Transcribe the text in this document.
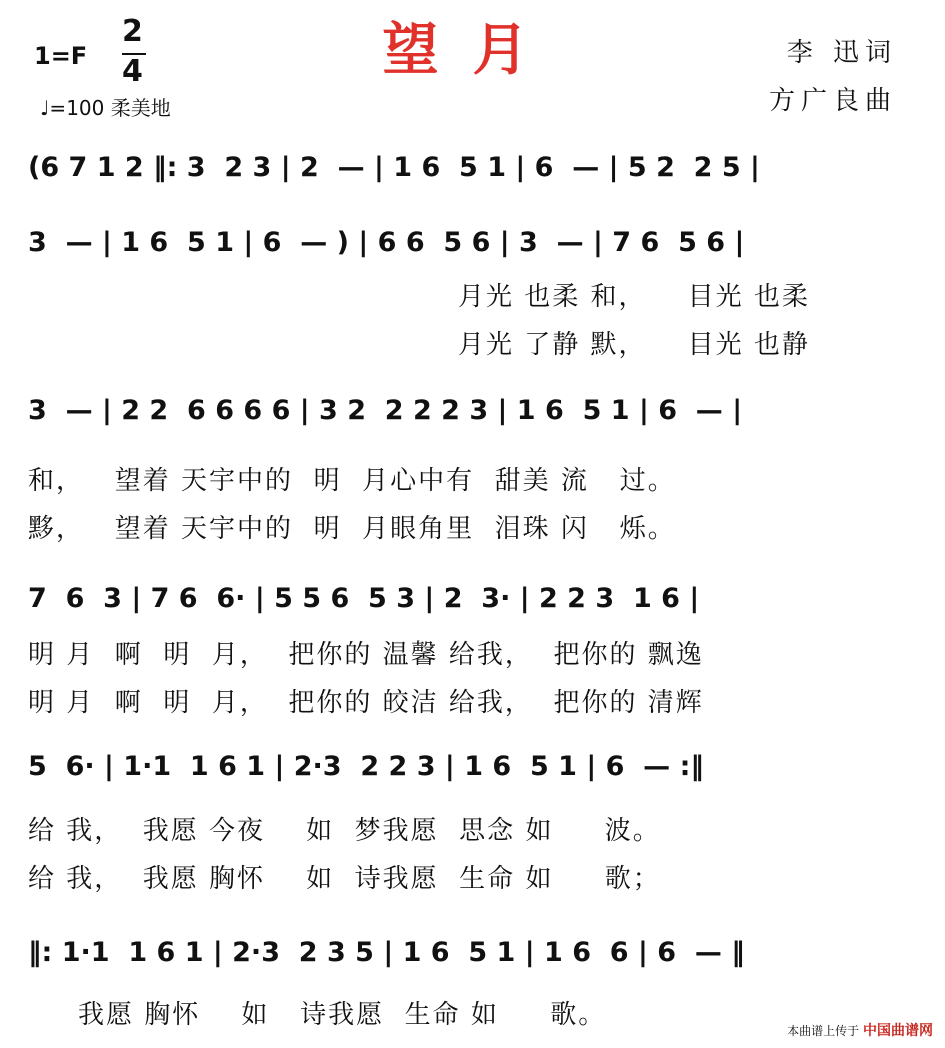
1=F
2
4
♩=100 柔美地
望月	李 迅词
方广良曲
(6 7 1 2 ‖: 3  2 3 | 2  — | 1 6  5 1 | 6  — | 5 2  2 5 |
3  — | 1 6  5 1 | 6  — ) | 6 6  5 6 | 3  — | 7 6  5 6 |
月光 也柔 和，    目光 也柔
月光 了静 默，    目光 也静
3  — | 2 2  6 6 6 6 | 3 2  2 2 2 3 | 1 6  5 1 | 6  — |
和，   望着 天宇中的  明  月心中有  甜美 流   过。
黟，   望着 天宇中的  明  月眼角里  泪珠 闪   烁。
7  6  3 | 7 6  6· | 5 5 6  5 3 | 2  3· | 2 2 3  1 6 |
明 月  啊  明  月，  把你的 温馨 给我，  把你的 飘逸
明 月  啊  明  月，  把你的 皎洁 给我，  把你的 清辉
5  6· | 1·1  1 6 1 | 2·3  2 2 3 | 1 6  5 1 | 6  — :‖
给 我，  我愿 今夜    如  梦我愿  思念 如     波。
给 我，  我愿 胸怀    如  诗我愿  生命 如     歌；
‖: 1·1  1 6 1 | 2·3  2 3 5 | 1 6  5 1 | 1 6  6 | 6  — ‖
我愿 胸怀    如   诗我愿  生命 如     歌。
本曲谱上传于 中国曲谱网
